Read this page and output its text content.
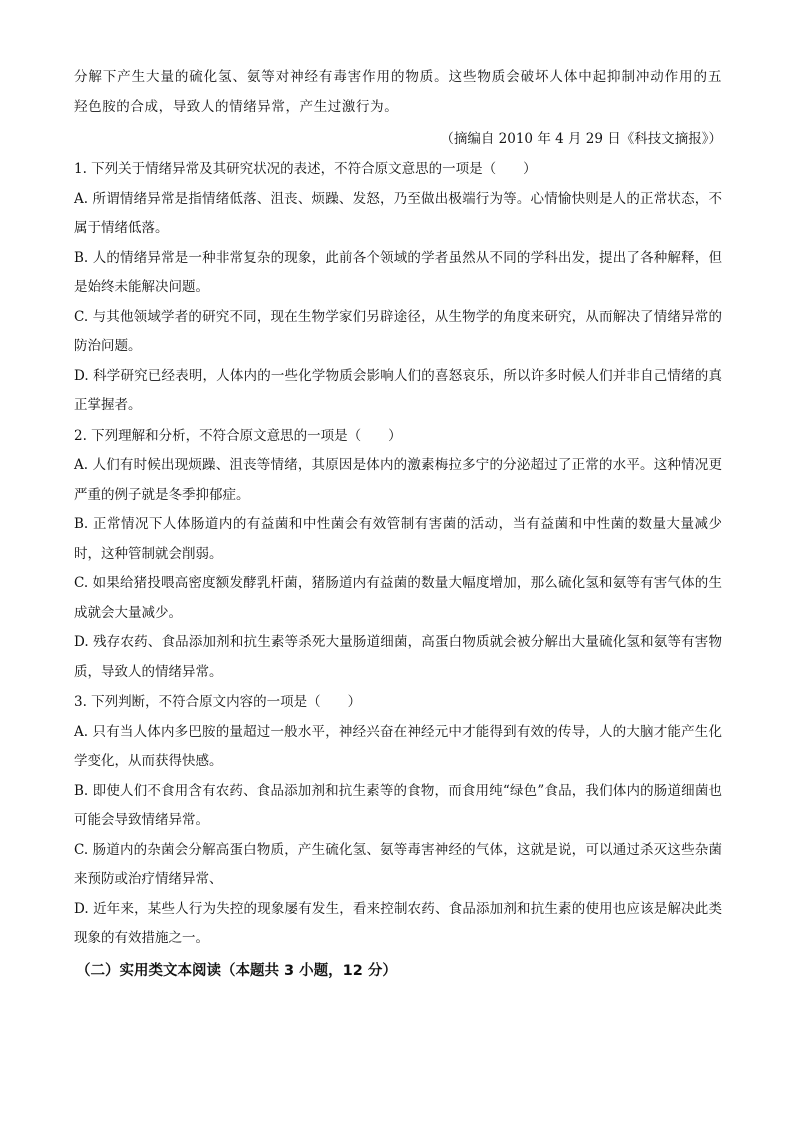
分解下产生大量的硫化氢、氨等对神经有毒害作用的物质。这些物质会破坏人体中起抑制冲动作用的五羟色胺的合成，导致人的情绪异常，产生过激行为。
（摘编自 2010 年 4 月 29 日《科技文摘报》）
1. 下列关于情绪异常及其研究状况的表述，不符合原文意思的一项是（　　）
A. 所谓情绪异常是指情绪低落、沮丧、烦躁、发怒，乃至做出极端行为等。心情愉快则是人的正常状态，不属于情绪低落。
B. 人的情绪异常是一种非常复杂的现象，此前各个领域的学者虽然从不同的学科出发，提出了各种解释，但是始终未能解决问题。
C. 与其他领域学者的研究不同，现在生物学家们另辟途径，从生物学的角度来研究，从而解决了情绪异常的防治问题。
D. 科学研究已经表明，人体内的一些化学物质会影响人们的喜怒哀乐，所以许多时候人们并非自己情绪的真正掌握者。
2. 下列理解和分析，不符合原文意思的一项是（　　）
A. 人们有时候出现烦躁、沮丧等情绪，其原因是体内的激素梅拉多宁的分泌超过了正常的水平。这种情况更严重的例子就是冬季抑郁症。
B. 正常情况下人体肠道内的有益菌和中性菌会有效管制有害菌的活动，当有益菌和中性菌的数量大量减少时，这种管制就会削弱。
C. 如果给猪投喂高密度额发酵乳杆菌，猪肠道内有益菌的数量大幅度增加，那么硫化氢和氨等有害气体的生成就会大量减少。
D. 残存农药、食品添加剂和抗生素等杀死大量肠道细菌，高蛋白物质就会被分解出大量硫化氢和氨等有害物质，导致人的情绪异常。
3. 下列判断，不符合原文内容的一项是（　　）
A. 只有当人体内多巴胺的量超过一般水平，神经兴奋在神经元中才能得到有效的传导，人的大脑才能产生化学变化，从而获得快感。
B. 即使人们不食用含有农药、食品添加剂和抗生素等的食物，而食用纯“绿色”食品，我们体内的肠道细菌也可能会导致情绪异常。
C. 肠道内的杂菌会分解高蛋白物质，产生硫化氢、氨等毒害神经的气体，这就是说，可以通过杀灭这些杂菌来预防或治疗情绪异常、
D. 近年来，某些人行为失控的现象屡有发生，看来控制农药、食品添加剂和抗生素的使用也应该是解决此类现象的有效措施之一。
（二）实用类文本阅读（本题共 3 小题，12 分）
